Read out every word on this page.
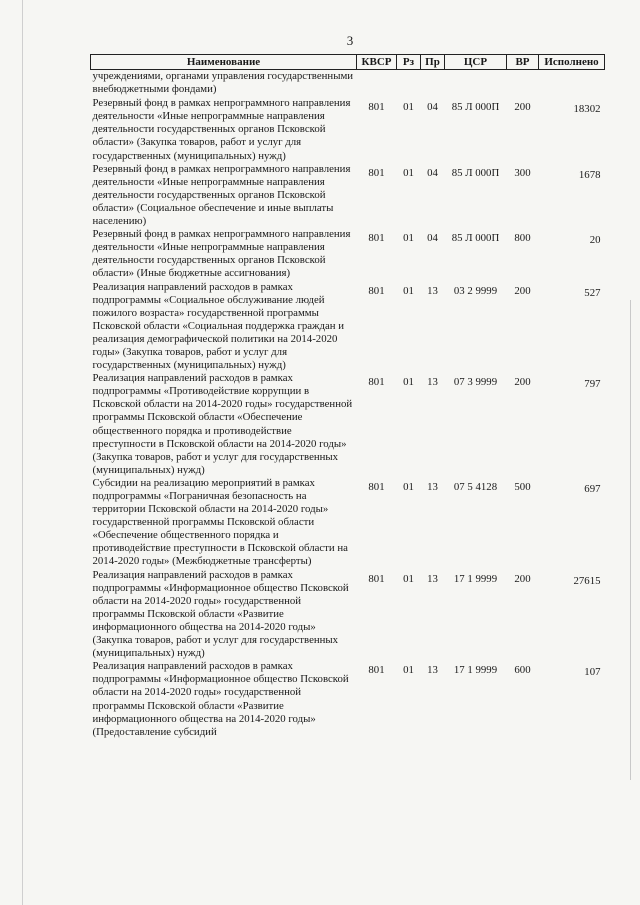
3
Наименование	КВСР	Рз	Пр	ЦСР	ВР	Исполнено
учреждениями, органами управления государственными внебюджетными фондами)						
Резервный фонд в рамках непрограммного направления деятельности «Иные непрограммные направления деятельности государственных органов Псковской области» (Закупка товаров, работ и услуг для государственных (муниципальных) нужд)	801	01	04	85 Л 000П	200	18302
Резервный фонд в рамках непрограммного направления деятельности «Иные непрограммные направления деятельности государственных органов Псковской области» (Социальное обеспечение и иные выплаты населению)	801	01	04	85 Л 000П	300	1678
Резервный фонд в рамках непрограммного направления деятельности «Иные непрограммные направления деятельности государственных органов Псковской области» (Иные бюджетные ассигнования)	801	01	04	85 Л 000П	800	20
Реализация направлений расходов в рамках подпрограммы «Социальное обслуживание людей пожилого возраста» государственной программы Псковской области «Социальная поддержка граждан и реализация демографической политики на 2014-2020 годы» (Закупка товаров, работ и услуг для государственных (муниципальных) нужд)	801	01	13	03 2 9999	200	527
Реализация направлений расходов в рамках подпрограммы «Противодействие коррупции в Псковской области на 2014-2020 годы» государственной программы Псковской области «Обеспечение общественного порядка и противодействие преступности в Псковской области на 2014-2020 годы» (Закупка товаров, работ и услуг для государственных (муниципальных) нужд)	801	01	13	07 3 9999	200	797
Субсидии на реализацию мероприятий в рамках подпрограммы «Пограничная безопасность на территории Псковской области на 2014-2020 годы» государственной программы Псковской области «Обеспечение общественного порядка и противодействие преступности в Псковской области на 2014-2020 годы» (Межбюджетные трансферты)	801	01	13	07 5 4128	500	697
Реализация направлений расходов в рамках подпрограммы «Информационное общество Псковской области на 2014-2020 годы» государственной программы Псковской области «Развитие информационного общества на 2014-2020 годы» (Закупка товаров, работ и услуг для государственных (муниципальных) нужд)	801	01	13	17 1 9999	200	27615
Реализация направлений расходов в рамках подпрограммы «Информационное общество Псковской области на 2014-2020 годы» государственной программы Псковской области «Развитие информационного общества на 2014-2020 годы» (Предоставление субсидий	801	01	13	17 1 9999	600	107
